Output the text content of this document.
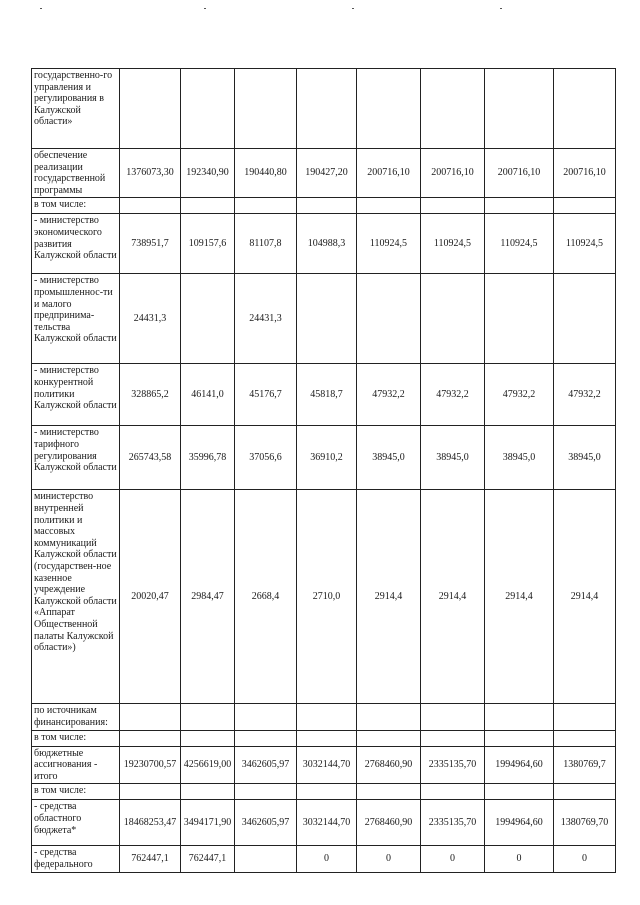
государственно-го управления и регулирования в Калужской области»								
обеспечение реализации государственной программы	1376073,30	192340,90	190440,80	190427,20	200716,10	200716,10	200716,10	200716,10
в том числе:								
- министерство экономического развития Калужской области	738951,7	109157,6	81107,8	104988,3	110924,5	110924,5	110924,5	110924,5
- министерство промышленнос-ти и малого предпринима-тельства Калужской области	24431,3		24431,3					
- министерство конкурентной политики Калужской области	328865,2	46141,0	45176,7	45818,7	47932,2	47932,2	47932,2	47932,2
- министерство тарифного регулирования Калужской области	265743,58	35996,78	37056,6	36910,2	38945,0	38945,0	38945,0	38945,0
министерство внутренней политики и массовых коммуникаций Калужской области (государствен-ное казенное учреждение Калужской области «Аппарат Общественной палаты Калужской области»)	20020,47	2984,47	2668,4	2710,0	2914,4	2914,4	2914,4	2914,4
по источникам финансирования:								
в том числе:								
бюджетные ассигнования - итого	19230700,57	4256619,00	3462605,97	3032144,70	2768460,90	2335135,70	1994964,60	1380769,7
в том числе:								
- средства областного бюджета*	18468253,47	3494171,90	3462605,97	3032144,70	2768460,90	2335135,70	1994964,60	1380769,70
- средства федерального	762447,1	762447,1		0	0	0	0	0
